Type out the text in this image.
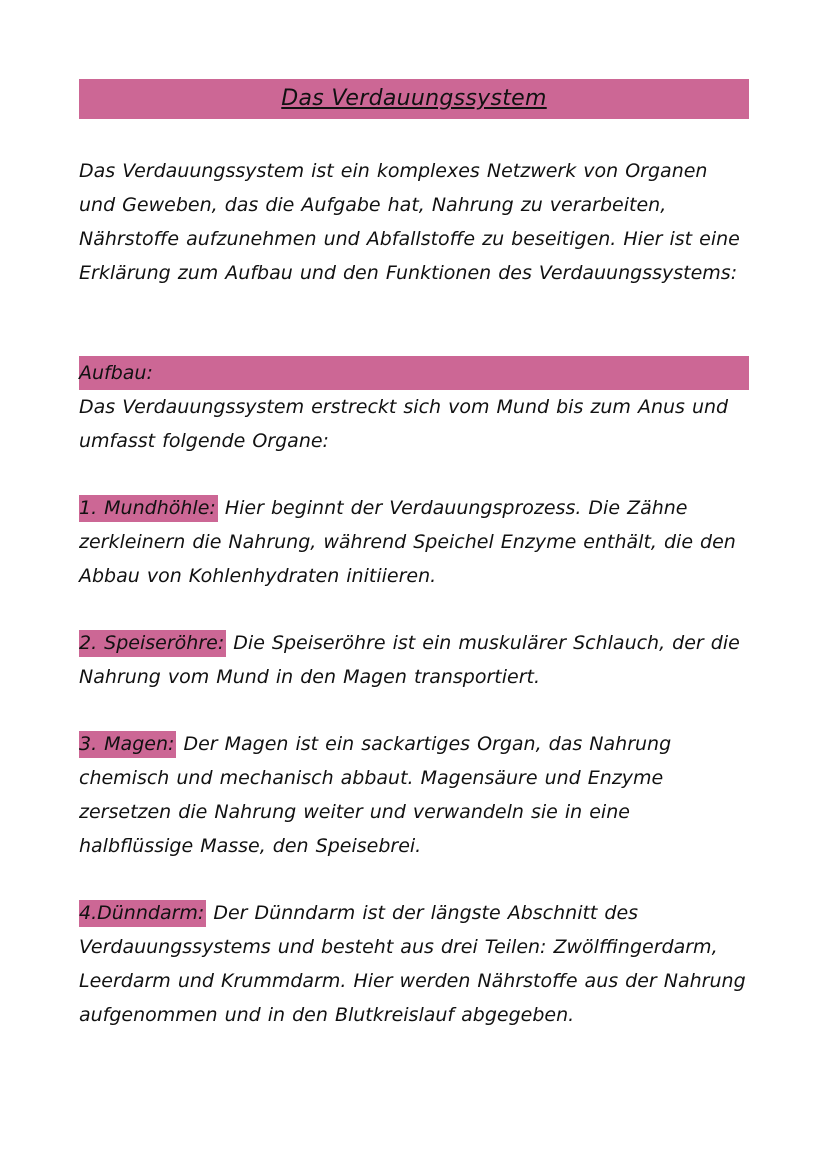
Das Verdauungssystem

Das Verdauungssystem ist ein komplexes Netzwerk von Organen und Geweben, das die Aufgabe hat, Nahrung zu verarbeiten, Nährstoffe aufzunehmen und Abfallstoffe zu beseitigen. Hier ist eine Erklärung zum Aufbau und den Funktionen des Verdauungssystems:

Aufbau:

Das Verdauungssystem erstreckt sich vom Mund bis zum Anus und umfasst folgende Organe:

1. Mundhöhle: Hier beginnt der Verdauungsprozess. Die Zähne zerkleinern die Nahrung, während Speichel Enzyme enthält, die den Abbau von Kohlenhydraten initiieren.

2. Speiseröhre: Die Speiseröhre ist ein muskulärer Schlauch, der die Nahrung vom Mund in den Magen transportiert.

3. Magen: Der Magen ist ein sackartiges Organ, das Nahrung chemisch und mechanisch abbaut. Magensäure und Enzyme zersetzen die Nahrung weiter und verwandeln sie in eine halbflüssige Masse, den Speisebrei.

4.Dünndarm: Der Dünndarm ist der längste Abschnitt des Verdauungssystems und besteht aus drei Teilen: Zwölffingerdarm, Leerdarm und Krummdarm. Hier werden Nährstoffe aus der Nahrung aufgenommen und in den Blutkreislauf abgegeben.
